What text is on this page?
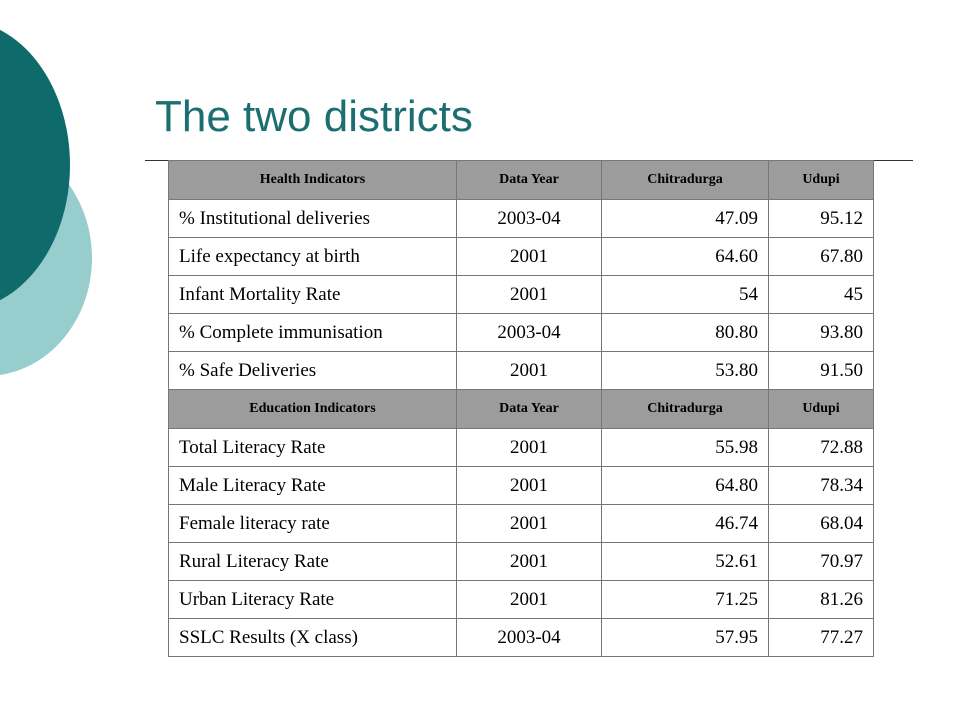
The two districts
Health Indicators	Data Year	Chitradurga	Udupi
% Institutional deliveries	2003-04	47.09	95.12
Life expectancy at birth	2001	64.60	67.80
Infant Mortality Rate	2001	54	45
% Complete immunisation	2003-04	80.80	93.80
% Safe Deliveries	2001	53.80	91.50
Education Indicators	Data Year	Chitradurga	Udupi
Total Literacy Rate	2001	55.98	72.88
Male Literacy Rate	2001	64.80	78.34
Female literacy rate	2001	46.74	68.04
Rural Literacy Rate	2001	52.61	70.97
Urban Literacy Rate	2001	71.25	81.26
SSLC Results (X class)	2003-04	57.95	77.27
